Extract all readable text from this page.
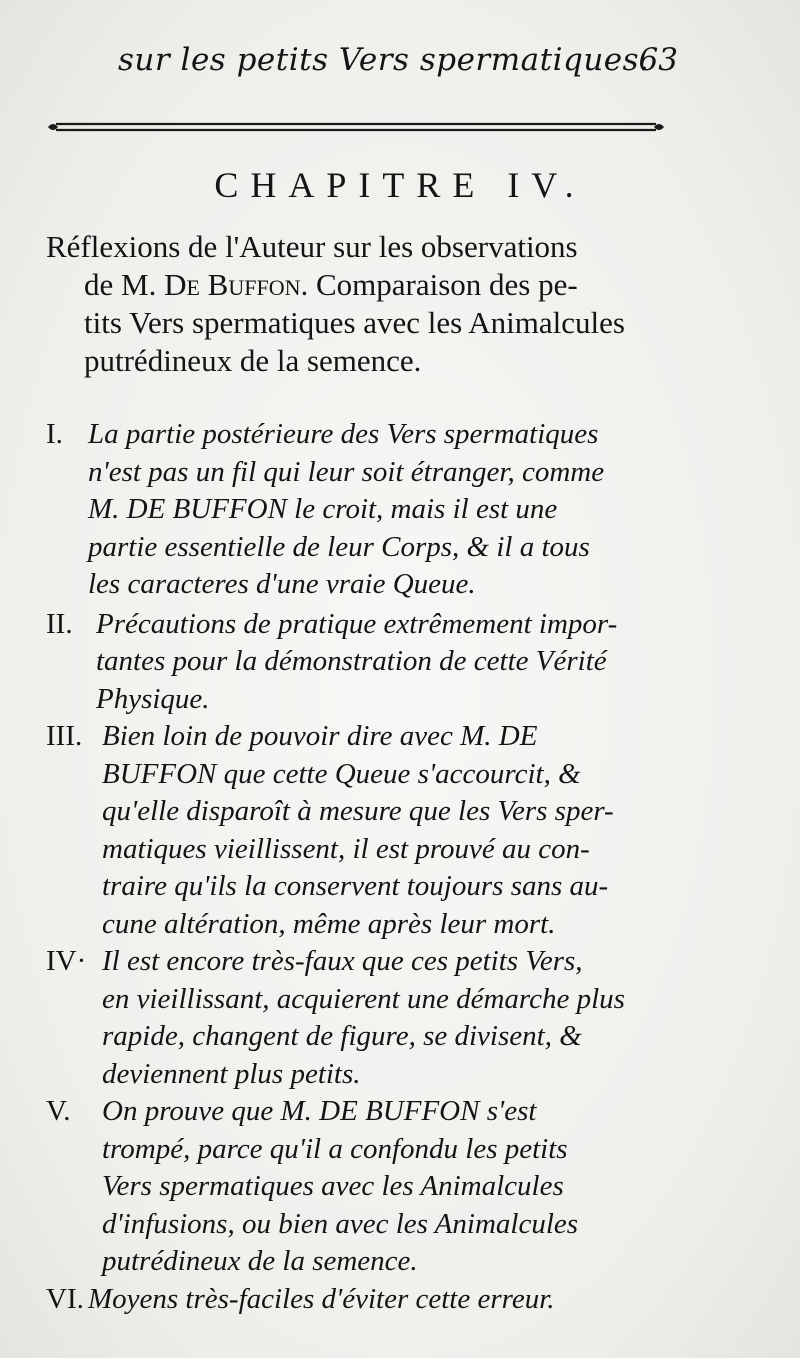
sur les petits Vers spermatiques.
63
CHAPITRE IV.
Réflexions de l'Auteur sur les observations
de M. De Buffon. Comparaison des pe-
tits Vers spermatiques avec les Animalcules
putrédineux de la semence.
I. La partie postérieure des Vers spermatiques
n'est pas un fil qui leur soit étranger, comme
M. DE BUFFON le croit, mais il est une
partie essentielle de leur Corps, & il a tous
les caracteres d'une vraie Queue.
II. Précautions de pratique extrêmement impor-
tantes pour la démonstration de cette Vérité
Physique.
III. Bien loin de pouvoir dire avec M. DE
BUFFON que cette Queue s'accourcit, &
qu'elle disparoît à mesure que les Vers sper-
matiques vieillissent, il est prouvé au con-
traire qu'ils la conservent toujours sans au-
cune altération, même après leur mort.
IV· Il est encore très-faux que ces petits Vers,
en vieillissant, acquierent une démarche plus
rapide, changent de figure, se divisent, &
deviennent plus petits.
V. On prouve que M. DE BUFFON s'est
trompé, parce qu'il a confondu les petits
Vers spermatiques avec les Animalcules
d'infusions, ou bien avec les Animalcules
putrédineux de la semence.
VI. Moyens très-faciles d'éviter cette erreur.
